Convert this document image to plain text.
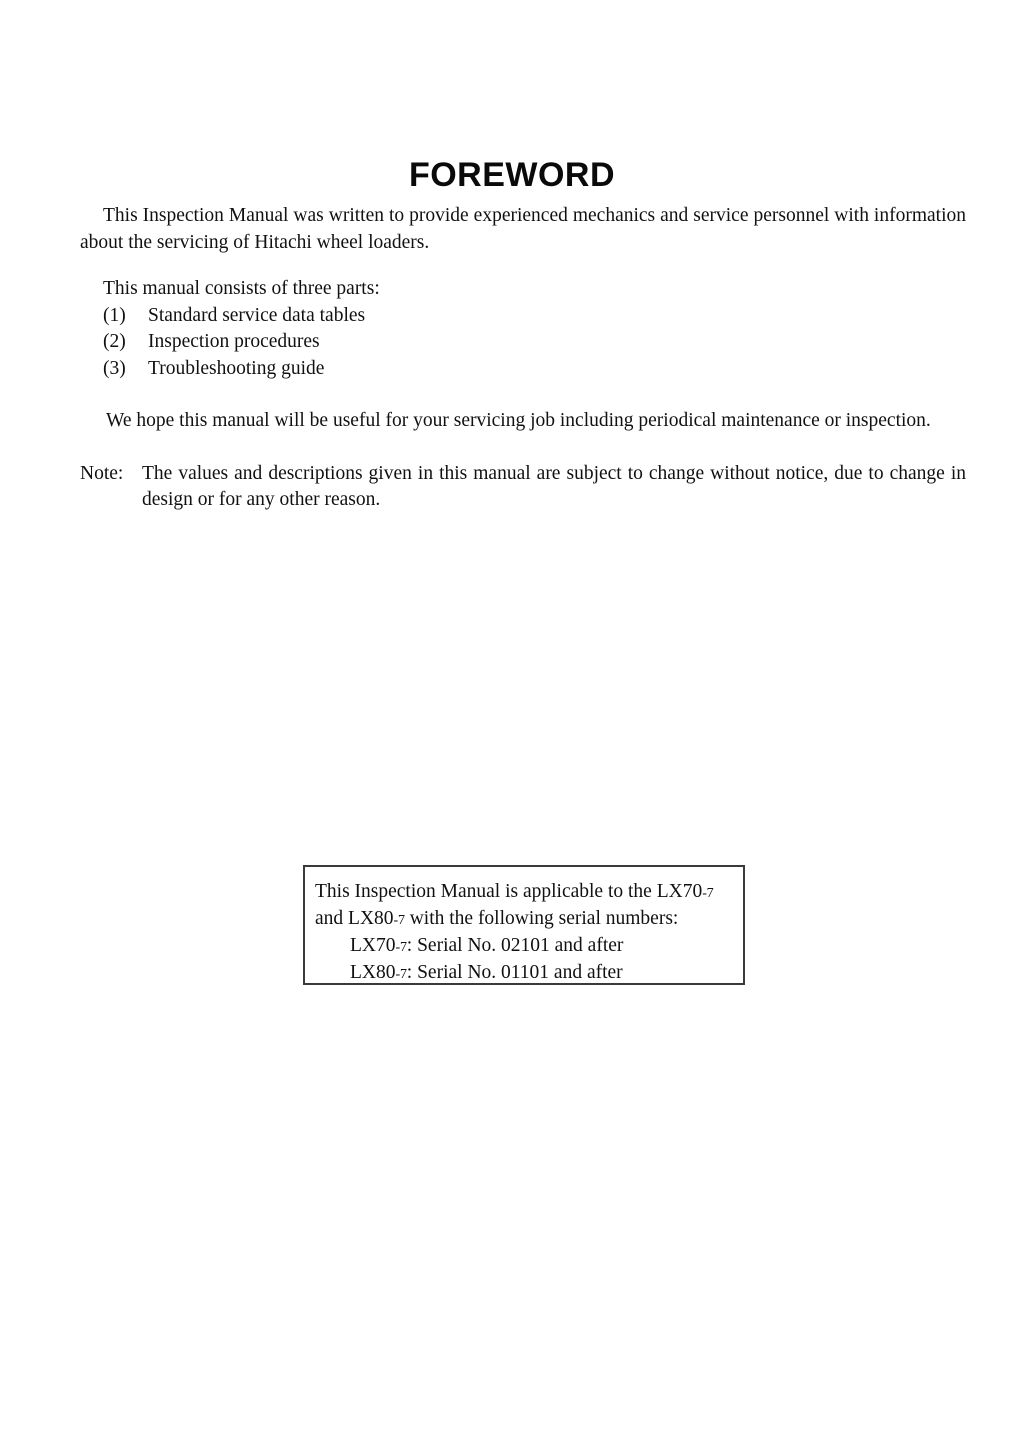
FOREWORD

This Inspection Manual was written to provide experienced mechanics and service personnel with information about the servicing of Hitachi wheel loaders.

This manual consists of three parts:

(1)	Standard service data tables
(2)	Inspection procedures
(3)	Troubleshooting guide

We hope this manual will be useful for your servicing job including periodical maintenance or inspection.

Note: The values and descriptions given in this manual are subject to change without notice, due to change in design or for any other reason.
This Inspection Manual is applicable to the LX70-7
and LX80-7 with the following serial numbers:
LX70-7: Serial No. 02101 and after
LX80-7: Serial No. 01101 and after
